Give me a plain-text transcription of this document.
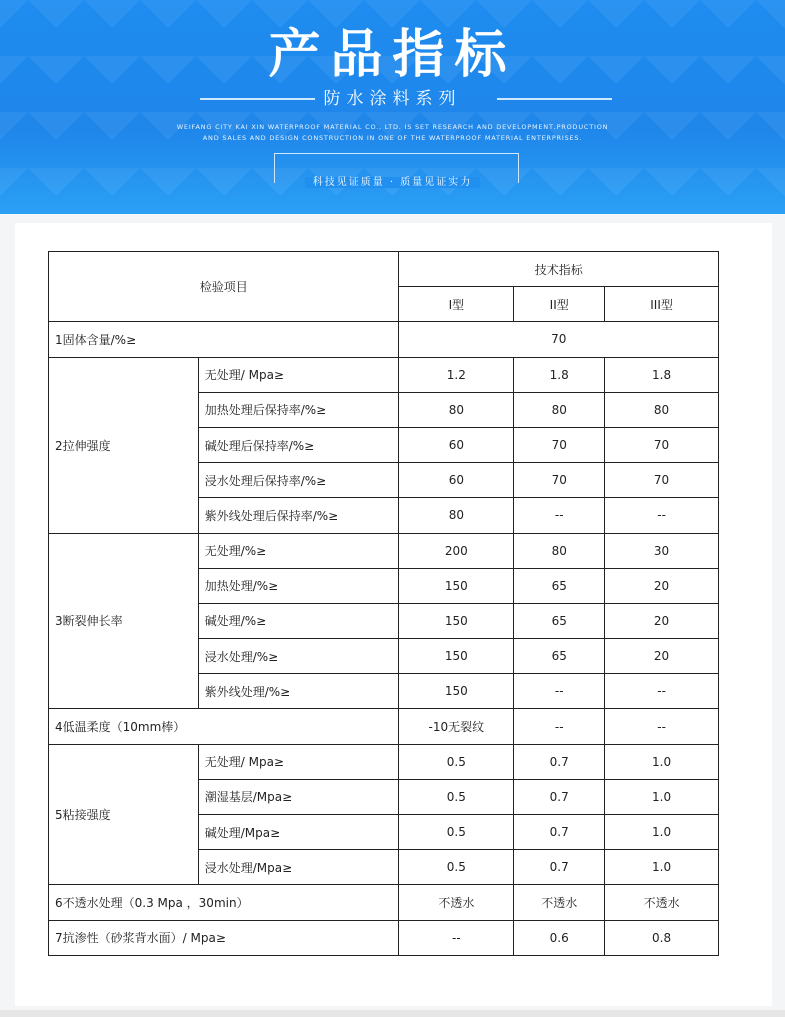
产品指标
防水涂料系列
WEIFANG CITY KAI XIN WATERPROOF MATERIAL CO., LTD. IS SET RESEARCH AND DEVELOPMENT,PRODUCTION
AND SALES AND DESIGN CONSTRUCTION IN ONE OF THE WATERPROOF MATERIAL ENTERPRISES.
科技见证质量 · 质量见证实力
检验项目		技术指标		
		I型	II型	III型
1固体含量/%≥		70		
2拉伸强度	无处理/ Mpa≥	1.2	1.8	1.8
	加热处理后保持率/%≥	80	80	80
	碱处理后保持率/%≥	60	70	70
	浸水处理后保持率/%≥	60	70	70
	紫外线处理后保持率/%≥	80	--	--
3断裂伸长率	无处理/%≥	200	80	30
	加热处理/%≥	150	65	20
	碱处理/%≥	150	65	20
	浸水处理/%≥	150	65	20
	紫外线处理/%≥	150	--	--
4低温柔度（10mm棒）		-10无裂纹	--	--
5粘接强度	无处理/ Mpa≥	0.5	0.7	1.0
	潮湿基层/Mpa≥	0.5	0.7	1.0
	碱处理/Mpa≥	0.5	0.7	1.0
	浸水处理/Mpa≥	0.5	0.7	1.0
6不透水处理（0.3 Mpa ，30min）		不透水	不透水	不透水
7抗渗性（砂浆背水面）/ Mpa≥		--	0.6	0.8
